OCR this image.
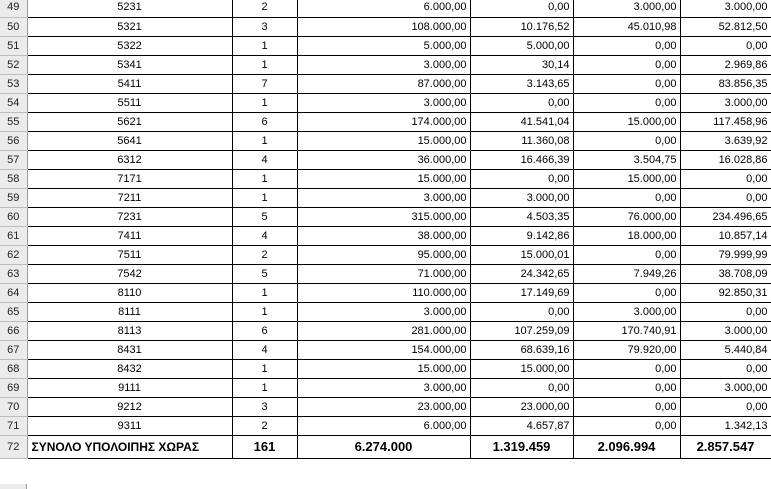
49	5231	2	6.000,00	0,00	3.000,00	3.000,00
50	5321	3	108.000,00	10.176,52	45.010,98	52.812,50
51	5322	1	5.000,00	5.000,00	0,00	0,00
52	5341	1	3.000,00	30,14	0,00	2.969,86
53	5411	7	87.000,00	3.143,65	0,00	83.856,35
54	5511	1	3.000,00	0,00	0,00	3.000,00
55	5621	6	174.000,00	41.541,04	15.000,00	117.458,96
56	5641	1	15.000,00	11.360,08	0,00	3.639,92
57	6312	4	36.000,00	16.466,39	3.504,75	16.028,86
58	7171	1	15.000,00	0,00	15.000,00	0,00
59	7211	1	3.000,00	3.000,00	0,00	0,00
60	7231	5	315.000,00	4.503,35	76.000,00	234.496,65
61	7411	4	38.000,00	9.142,86	18.000,00	10.857,14
62	7511	2	95.000,00	15.000,01	0,00	79.999,99
63	7542	5	71.000,00	24.342,65	7.949,26	38.708,09
64	8110	1	110.000,00	17.149,69	0,00	92.850,31
65	8111	1	3.000,00	0,00	3.000,00	0,00
66	8113	6	281.000,00	107.259,09	170.740,91	3.000,00
67	8431	4	154.000,00	68.639,16	79.920,00	5.440,84
68	8432	1	15.000,00	15.000,00	0,00	0,00
69	9111	1	3.000,00	0,00	0,00	3.000,00
70	9212	3	23.000,00	23.000,00	0,00	0,00
71	9311	2	6.000,00	4.657,87	0,00	1.342,13
72	ΣΥΝΟΛΟ ΥΠΟΛΟΙΠΗΣ ΧΩΡΑΣ	161	6.274.000	1.319.459	2.096.994	2.857.547
